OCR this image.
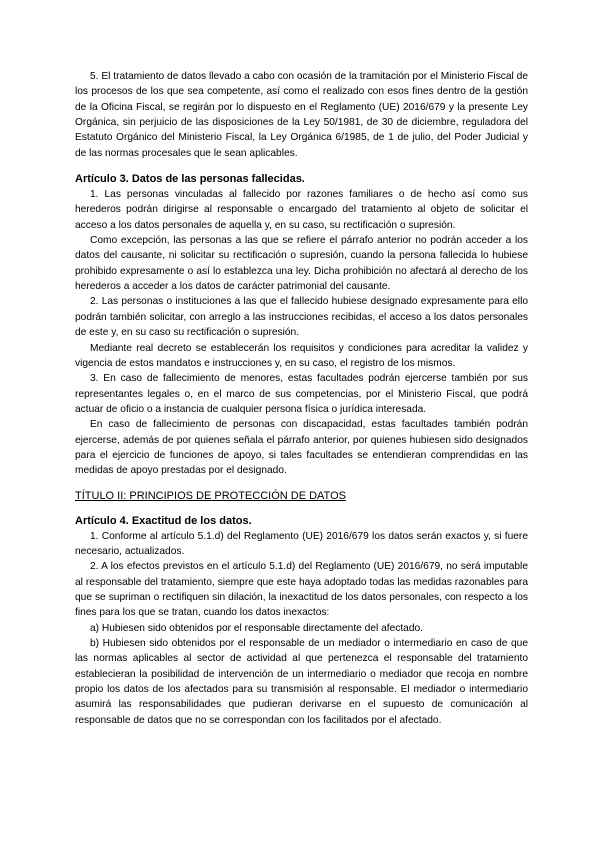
5. El tratamiento de datos llevado a cabo con ocasión de la tramitación por el Ministerio Fiscal de los procesos de los que sea competente, así como el realizado con esos fines dentro de la gestión de la Oficina Fiscal, se regirán por lo dispuesto en el Reglamento (UE) 2016/679 y la presente Ley Orgánica, sin perjuicio de las disposiciones de la Ley 50/1981, de 30 de diciembre, reguladora del Estatuto Orgánico del Ministerio Fiscal, la Ley Orgánica 6/1985, de 1 de julio, del Poder Judicial y de las normas procesales que le sean aplicables.

Artículo 3. Datos de las personas fallecidas.

1. Las personas vinculadas al fallecido por razones familiares o de hecho así como sus herederos podrán dirigirse al responsable o encargado del tratamiento al objeto de solicitar el acceso a los datos personales de aquella y, en su caso, su rectificación o supresión.

Como excepción, las personas a las que se refiere el párrafo anterior no podrán acceder a los datos del causante, ni solicitar su rectificación o supresión, cuando la persona fallecida lo hubiese prohibido expresamente o así lo establezca una ley. Dicha prohibición no afectará al derecho de los herederos a acceder a los datos de carácter patrimonial del causante.

2. Las personas o instituciones a las que el fallecido hubiese designado expresamente para ello podrán también solicitar, con arreglo a las instrucciones recibidas, el acceso a los datos personales de este y, en su caso su rectificación o supresión.

Mediante real decreto se establecerán los requisitos y condiciones para acreditar la validez y vigencia de estos mandatos e instrucciones y, en su caso, el registro de los mismos.

3. En caso de fallecimiento de menores, estas facultades podrán ejercerse también por sus representantes legales o, en el marco de sus competencias, por el Ministerio Fiscal, que podrá actuar de oficio o a instancia de cualquier persona física o jurídica interesada.

En caso de fallecimiento de personas con discapacidad, estas facultades también podrán ejercerse, además de por quienes señala el párrafo anterior, por quienes hubiesen sido designados para el ejercicio de funciones de apoyo, si tales facultades se entendieran comprendidas en las medidas de apoyo prestadas por el designado.

TÍTULO II: PRINCIPIOS DE PROTECCIÓN DE DATOS
Artículo 4. Exactitud de los datos.

1. Conforme al artículo 5.1.d) del Reglamento (UE) 2016/679 los datos serán exactos y, si fuere necesario, actualizados.

2. A los efectos previstos en el artículo 5.1.d) del Reglamento (UE) 2016/679, no será imputable al responsable del tratamiento, siempre que este haya adoptado todas las medidas razonables para que se supriman o rectifiquen sin dilación, la inexactitud de los datos personales, con respecto a los fines para los que se tratan, cuando los datos inexactos:

a) Hubiesen sido obtenidos por el responsable directamente del afectado.

b) Hubiesen sido obtenidos por el responsable de un mediador o intermediario en caso de que las normas aplicables al sector de actividad al que pertenezca el responsable del tratamiento establecieran la posibilidad de intervención de un intermediario o mediador que recoja en nombre propio los datos de los afectados para su transmisión al responsable. El mediador o intermediario asumirá las responsabilidades que pudieran derivarse en el supuesto de comunicación al responsable de datos que no se correspondan con los facilitados por el afectado.
